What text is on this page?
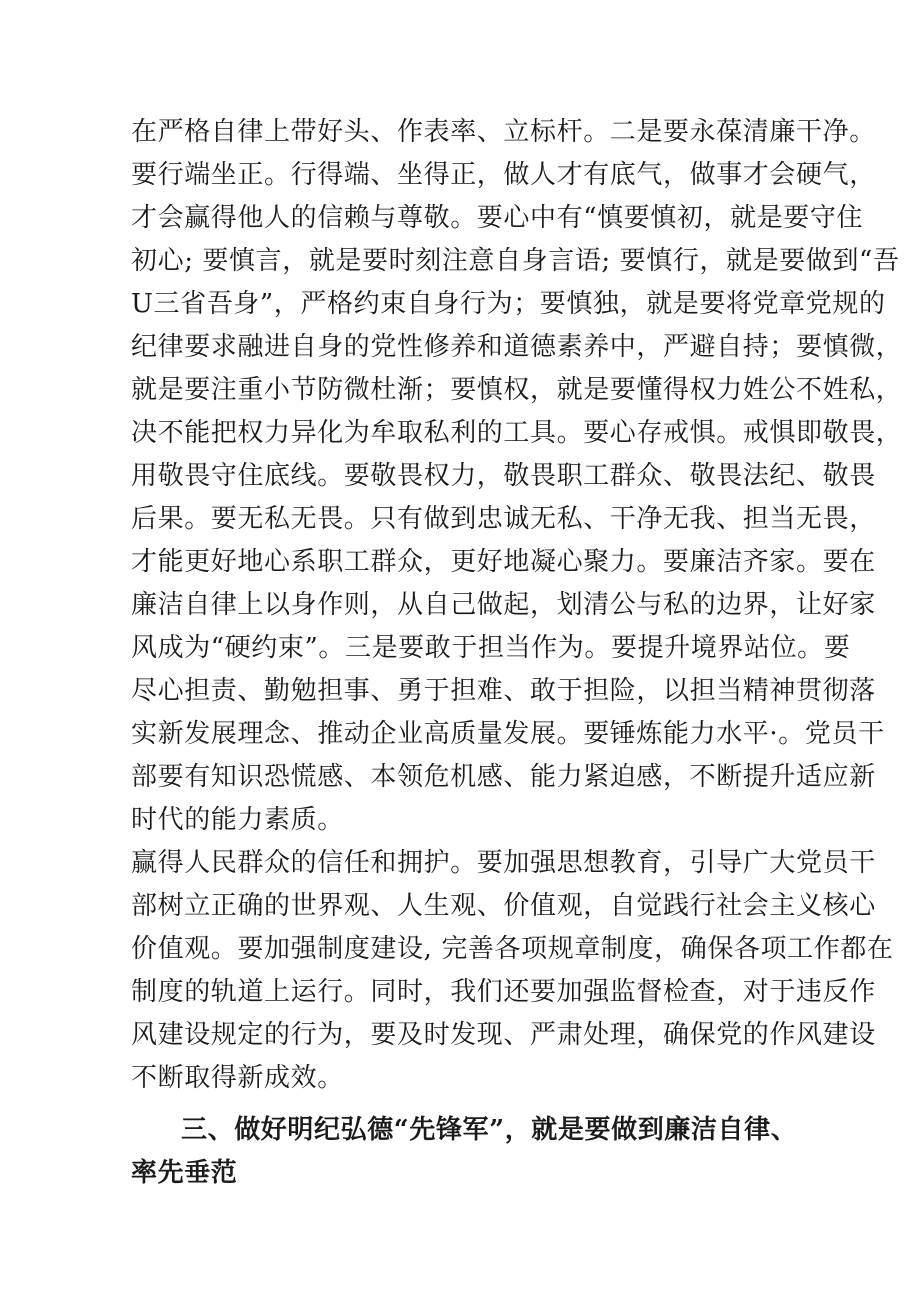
在严格自律上带好头、作表率、立标杆。二是要永葆清廉干净。
要行端坐正。行得端、坐得正，做人才有底气，做事才会硬气，
才会赢得他人的信赖与尊敬。要心中有“慎要慎初，就是要守住
初心; 要慎言，就是要时刻注意自身言语; 要慎行，就是要做到“吾
U三省吾身”，严格约束自身行为；要慎独，就是要将党章党规的
纪律要求融进自身的党性修养和道德素养中，严避自持；要慎微，
就是要注重小节防微杜渐；要慎权，就是要懂得权力姓公不姓私，
决不能把权力异化为牟取私利的工具。要心存戒惧。戒惧即敬畏，
用敬畏守住底线。要敬畏权力，敬畏职工群众、敬畏法纪、敬畏
后果。要无私无畏。只有做到忠诚无私、干净无我、担当无畏，
才能更好地心系职工群众，更好地凝心聚力。要廉洁齐家。要在
廉洁自律上以身作则，从自己做起，划清公与私的边界，让好家
风成为“硬约束”。三是要敢于担当作为。要提升境界站位。要
尽心担责、勤勉担事、勇于担难、敢于担险，以担当精神贯彻落
实新发展理念、推动企业高质量发展。要锤炼能力水平·。党员干
部要有知识恐慌感、本领危机感、能力紧迫感，不断提升适应新
时代的能力素质。
赢得人民群众的信任和拥护。要加强思想教育，引导广大党员干
部树立正确的世界观、人生观、价值观，自觉践行社会主义核心
价值观。要加强制度建设, 完善各项规章制度，确保各项工作都在
制度的轨道上运行。同时，我们还要加强监督检查，对于违反作
风建设规定的行为，要及时发现、严肃处理，确保党的作风建设
不断取得新成效。
三、做好明纪弘德“先锋军”，就是要做到廉洁自律、
率先垂范
